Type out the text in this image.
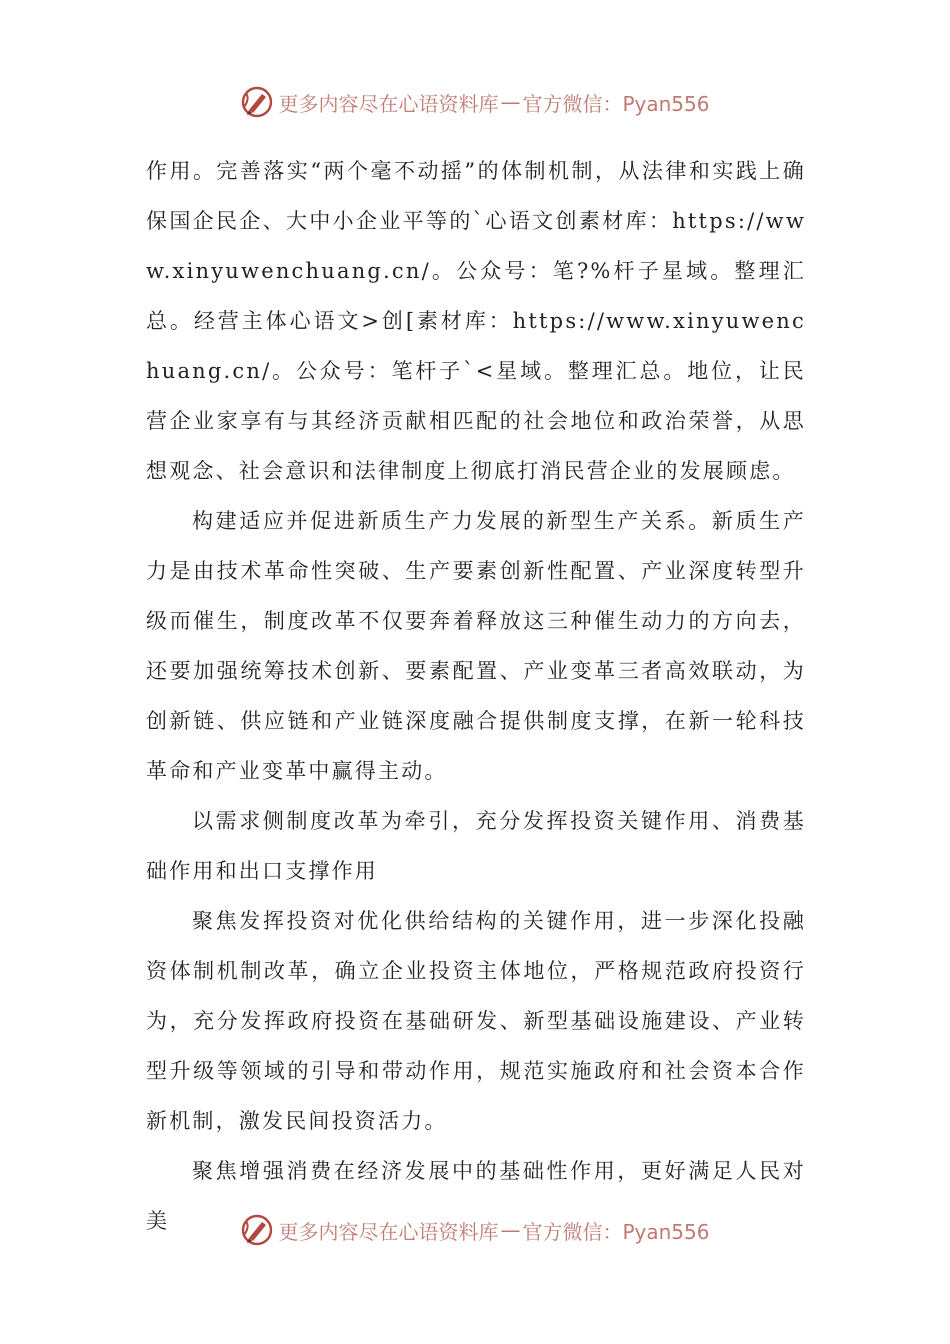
更多内容尽在心语资料库 — 官方微信：Pyan556

作用。完善落实“两个毫不动摇”的体制机制，从法律和实践上确保国企民企、大中小企业平等的`心语文创素材库：https://www.xinyuwenchuang.cn/。公众号：笔?%杆子星域。整理汇总。经营主体心语文>创[素材库：https://www.xinyuwenchuang.cn/。公众号：笔杆子`<星域。整理汇总。地位，让民营企业家享有与其经济贡献相匹配的社会地位和政治荣誉，从思想观念、社会意识和法律制度上彻底打消民营企业的发展顾虑。

构建适应并促进新质生产力发展的新型生产关系。新质生产力是由技术革命性突破、生产要素创新性配置、产业深度转型升级而催生，制度改革不仅要奔着释放这三种催生动力的方向去，还要加强统筹技术创新、要素配置、产业变革三者高效联动，为创新链、供应链和产业链深度融合提供制度支撑，在新一轮科技革命和产业变革中赢得主动。

以需求侧制度改革为牵引，充分发挥投资关键作用、消费基础作用和出口支撑作用

聚焦发挥投资对优化供给结构的关键作用，进一步深化投融资体制机制改革，确立企业投资主体地位，严格规范政府投资行为，充分发挥政府投资在基础研发、新型基础设施建设、产业转型升级等领域的引导和带动作用，规范实施政府和社会资本合作新机制，激发民间投资活力。

聚焦增强消费在经济发展中的基础性作用，更好满足人民对美	更多内容尽在心语资料库 — 官方微信：Pyan556
